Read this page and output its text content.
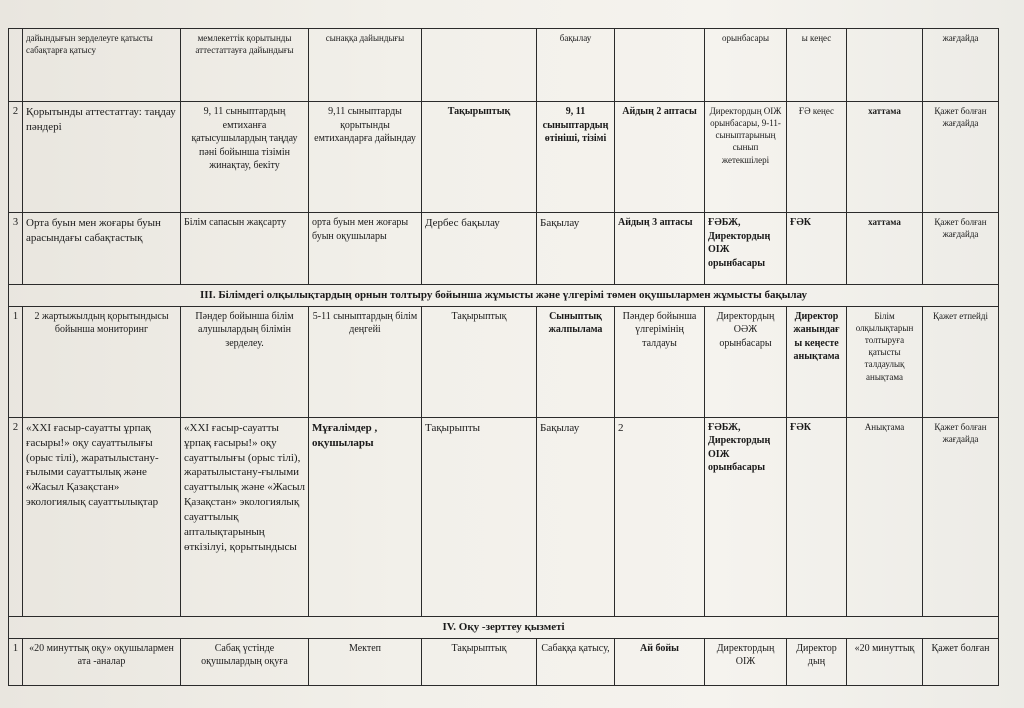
	дайындығын зерделеуге қатысты сабақтарға қатысу	мемлекеттік қорытынды аттестаттауға дайындығы	сынаққа дайындығы		бақылау		орынбасары	ы кеңес		жағдайда
2	Қорытынды аттестаттау: таңдау пәндері	9, 11 сыныптардың емтиханға қатысушылардың таңдау пәні бойынша тізімін жинақтау, бекіту	9,11 сыныптарды қорытынды емтихандарға дайындау	Тақырыптық	9, 11 сыныптардың өтініші, тізімі	Айдың 2 аптасы	Директордың ОІЖ орынбасары, 9-11-сыныптарының сынып жетекшілері	ҒӘ кеңес	хаттама	Қажет болған жағдайда
3	Орта буын мен жоғары буын арасындағы сабақтастық	Білім сапасын жақсарту	орта буын мен жоғары буын оқушылары	Дербес бақылау	Бақылау	Айдың 3 аптасы	ҒӘБЖ, Директордың ОІЖ орынбасары	ҒӘК	хаттама	Қажет болған жағдайда
III. Білімдегі олқылықтардың орнын толтыру бойынша жұмысты және үлгерімі төмен оқушылармен жұмысты бақылау										
1	2 жартыжылдың қорытындысы бойынша мониторинг	Пәндер бойынша білім алушылардың білімін зерделеу.	5-11 сыныптардың білім деңгейі	Тақырыптық	Сыныптық жалпылама	Пәндер бойынша үлгерімінің талдауы	Директордың ОӘЖ орынбасары	Директор жанындағы кеңесте анықтама	Білім олқылықтарын толтыруға қатысты талдаулық анықтама	Қажет етпейді
2	«ХХІ ғасыр-сауатты ұрпақ ғасыры!» оқу сауаттылығы (орыс тілі), жаратылыстану-ғылыми сауаттылық және «Жасыл Қазақстан» экологиялық сауаттылықтар	«ХХІ ғасыр-сауатты ұрпақ ғасыры!» оқу сауаттылығы (орыс тілі), жаратылыстану-ғылыми сауаттылық және «Жасыл Қазақстан» экологиялық сауаттылық апталықтарының өткізілуі, қорытындысы	Мұғалімдер , оқушылары	Тақырыпты	Бақылау	2	ҒӘБЖ, Директордың ОІЖ орынбасары	ҒӘК	Анықтама	Қажет болған жағдайда
IV. Оқу -зерттеу қызметі										
1	«20 минуттық оқу» оқушылармен ата -аналар	Сабақ үстінде оқушылардың оқуға	Мектеп	Тақырыптық	Сабаққа қатысу,	Ай бойы	Директордың ОІЖ	Директор дың	«20 минуттық	Қажет болған
